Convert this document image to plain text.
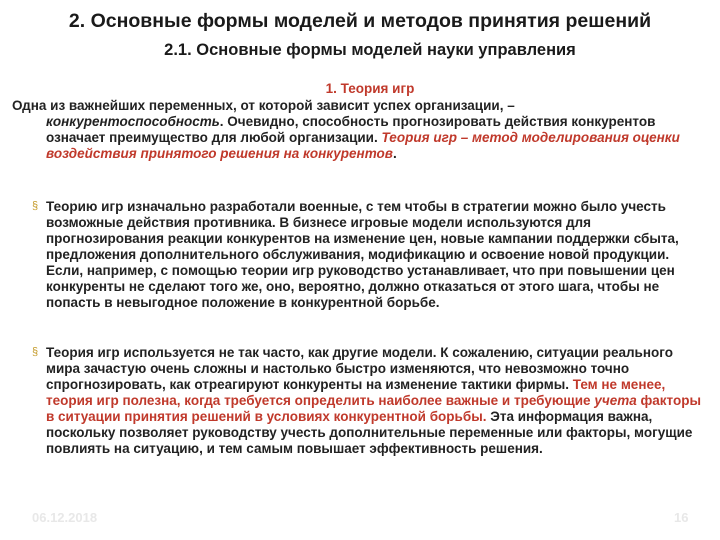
2. Основные формы моделей и методов принятия решений
2.1. Основные формы моделей науки управления
1. Теория игр
Одна из важнейших переменных, от которой зависит успех организации, –
конкурентоспособность. Очевидно, способность прогнозировать действия конкурентов означает преимущество для любой организации. Теория игр – метод моделирования оценки воздействия принятого решения на конкурентов.
§ Теорию игр изначально разработали военные, с тем чтобы в стратегии можно было учесть возможные действия противника. В бизнесе игровые модели используются для прогнозирования реакции конкурентов на изменение цен, новые кампании поддержки сбыта, предложения дополнительного обслуживания, модификацию и освоение новой продукции. Если, например, с помощью теории игр руководство устанавливает, что при повышении цен конкуренты не сделают того же, оно, вероятно, должно отказаться от этого шага, чтобы не попасть в невыгодное положение в конкурентной борьбе.
§ Теория игр используется не так часто, как другие модели. К сожалению, ситуации реального мира зачастую очень сложны и настолько быстро изменяются, что невозможно точно спрогнозировать, как отреагируют конкуренты на изменение тактики фирмы. Тем не менее, теория игр полезна, когда требуется определить наиболее важные и требующие учета факторы в ситуации принятия решений в условиях конкурентной борьбы. Эта информация важна, поскольку позволяет руководству учесть дополнительные переменные или факторы, могущие повлиять на ситуацию, и тем самым повышает эффективность решения.
06.12.2018	16
